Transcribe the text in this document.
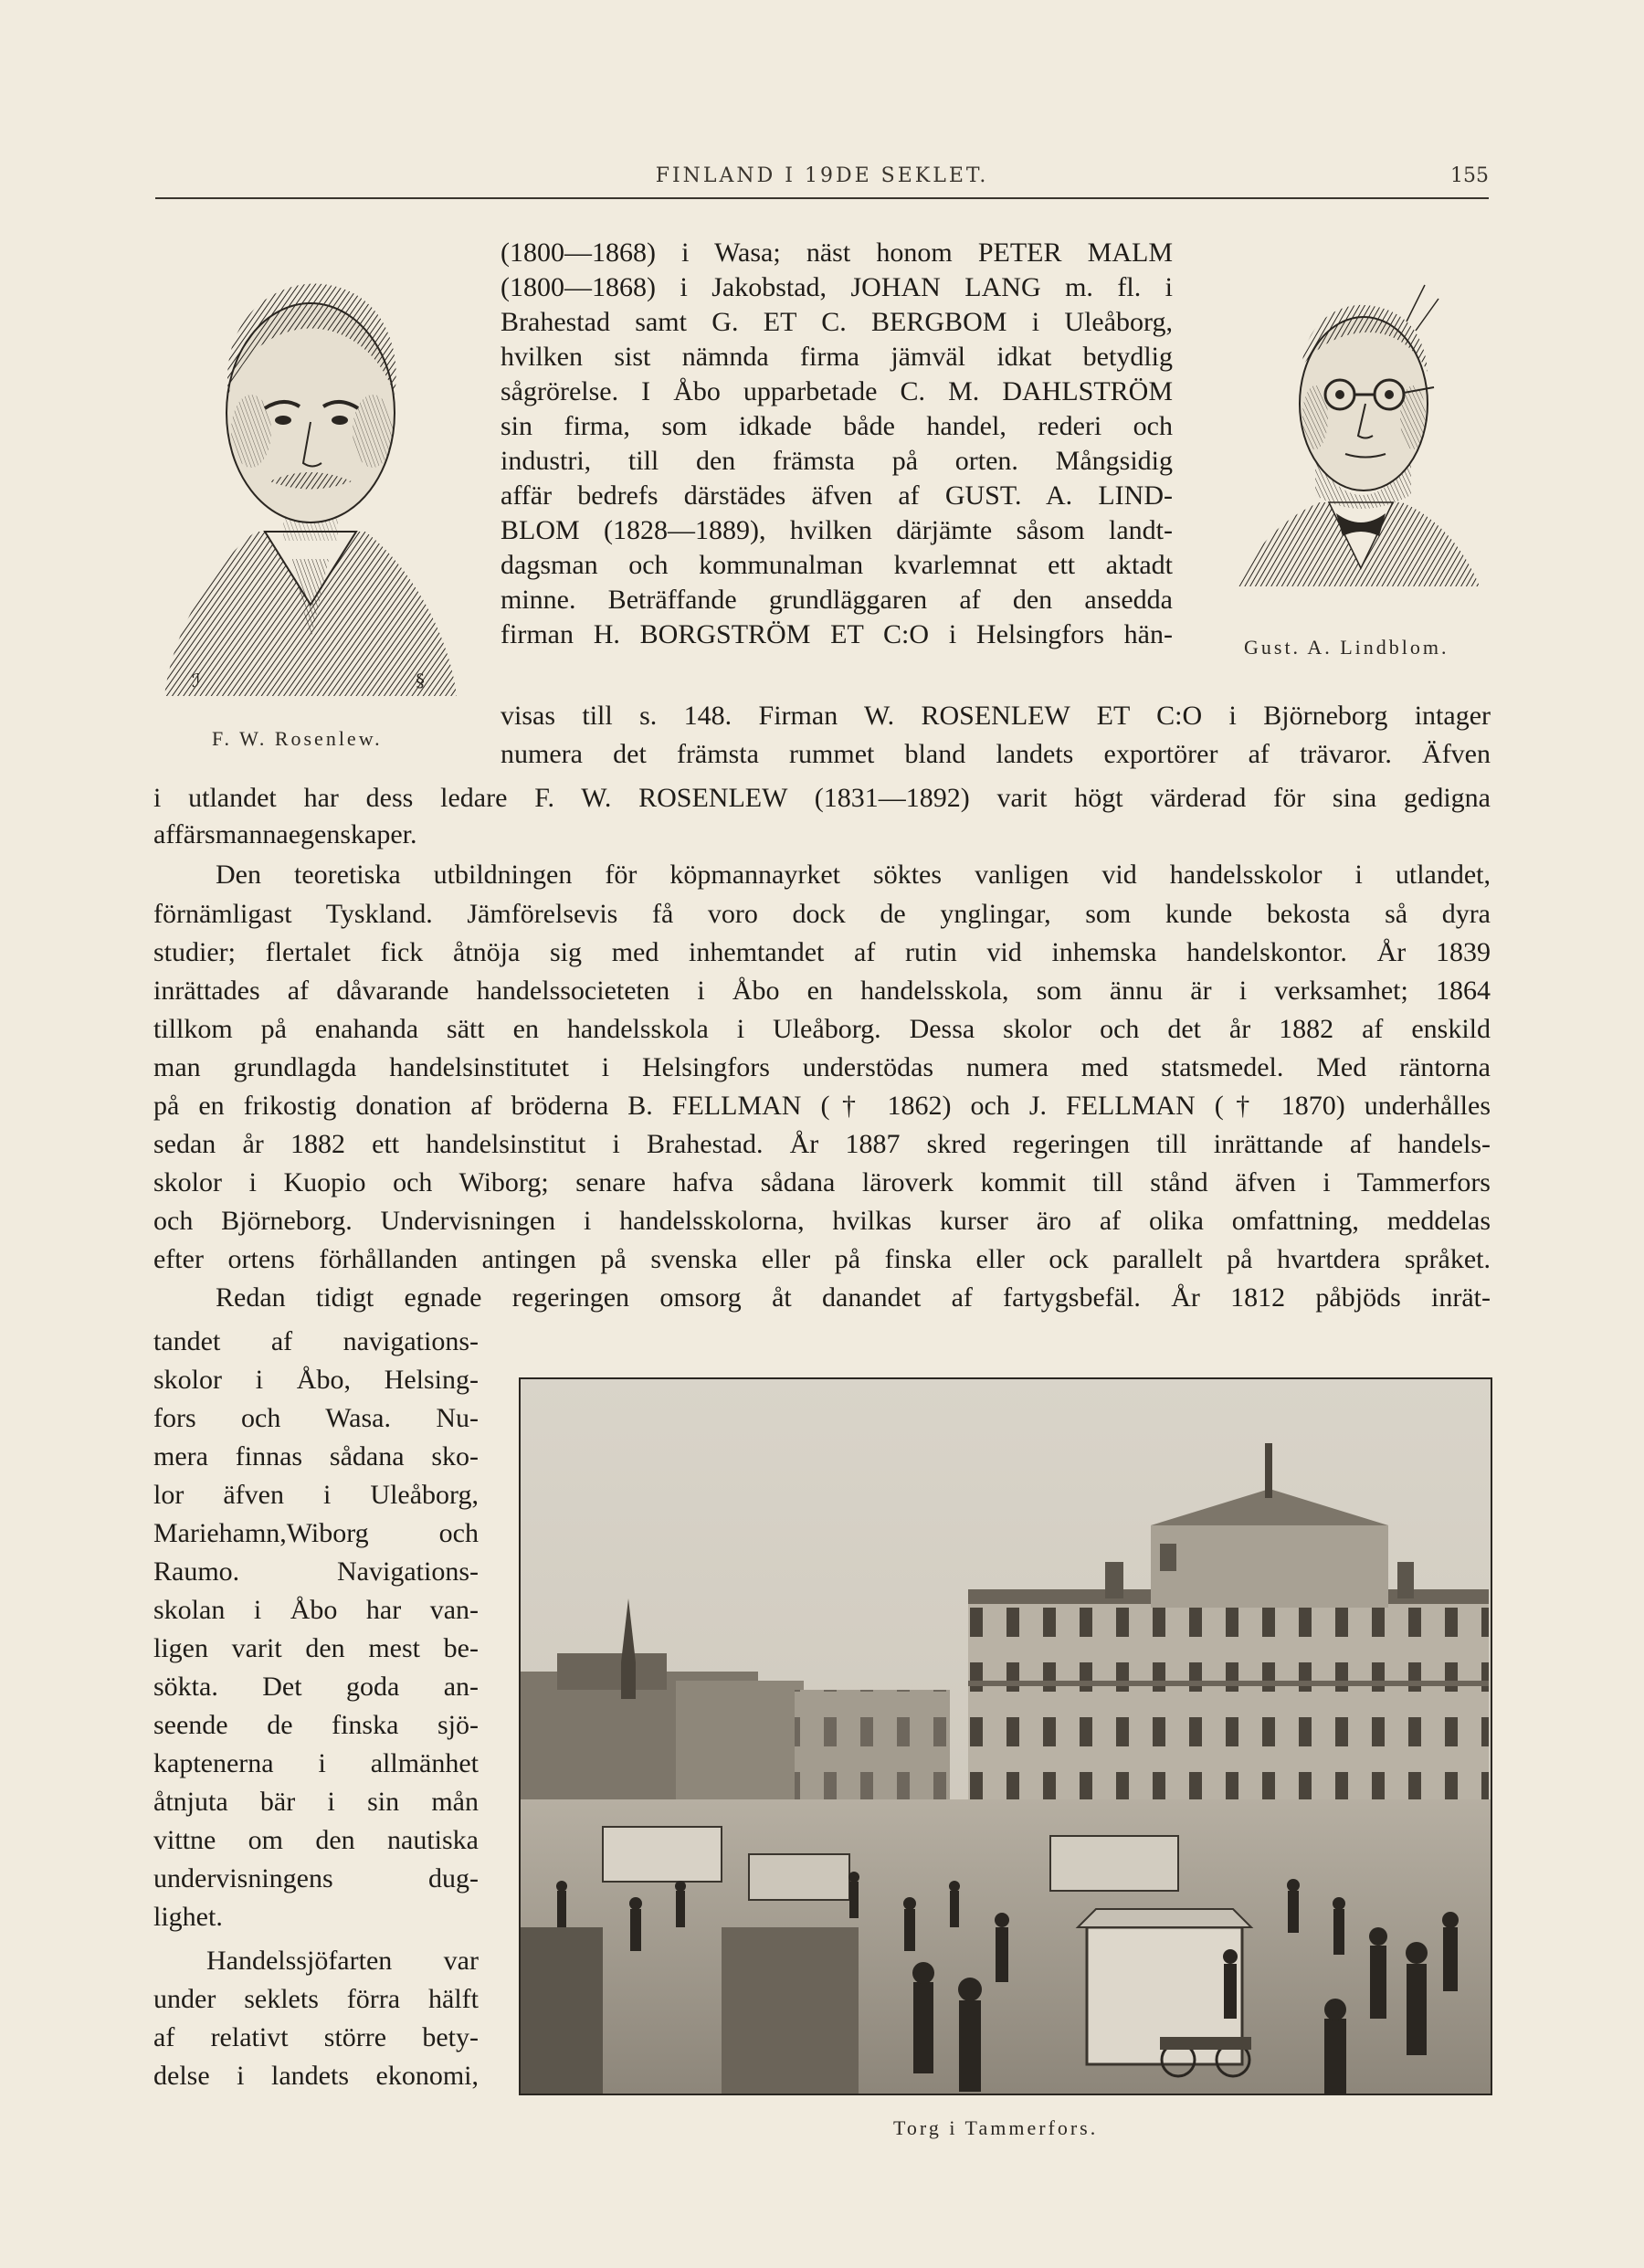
FINLAND I 19DE SEKLET.	155
ℐ	§
F. W. Rosenlew.
Gust. A. Lindblom.
(1800—1868) i Wasa; näst honom PETER MALM
(1800—1868) i Jakobstad, JOHAN LANG m. fl. i
Brahestad samt G. ET C. BERGBOM i Uleåborg,
hvilken sist nämnda firma jämväl idkat betydlig
sågrörelse. I Åbo upparbetade C. M. DAHLSTRÖM
sin firma, som idkade både handel, rederi och
industri, till den främsta på orten. Mångsidig
affär bedrefs därstädes äfven af GUST. A. LIND-
BLOM (1828—1889), hvilken därjämte såsom landt-
dagsman och kommunalman kvarlemnat ett aktadt
minne. Beträffande grundläggaren af den ansedda
firman H. BORGSTRÖM ET C:O i Helsingfors hän-
visas till s. 148. Firman W. ROSENLEW ET C:O i Björneborg intager
numera det främsta rummet bland landets exportörer af trävaror. Äfven
i utlandet har dess ledare F. W. ROSENLEW (1831—1892) varit högt värderad för sina gedigna
affärsmannaegenskaper.
Den teoretiska utbildningen för köpmannayrket söktes vanligen vid handelsskolor i utlandet,
förnämligast Tyskland. Jämförelsevis få voro dock de ynglingar, som kunde bekosta så dyra
studier; flertalet fick åtnöja sig med inhemtandet af rutin vid inhemska handelskontor. År 1839
inrättades af dåvarande handelssocieteten i Åbo en handelsskola, som ännu är i verksamhet; 1864
tillkom på enahanda sätt en handelsskola i Uleåborg. Dessa skolor och det år 1882 af enskild
man grundlagda handelsinstitutet i Helsingfors understödas numera med statsmedel. Med räntorna
på en frikostig donation af bröderna B. FELLMAN († 1862) och J. FELLMAN († 1870) underhålles
sedan år 1882 ett handelsinstitut i Brahestad. År 1887 skred regeringen till inrättande af handels-
skolor i Kuopio och Wiborg; senare hafva sådana läroverk kommit till stånd äfven i Tammerfors
och Björneborg. Undervisningen i handelsskolorna, hvilkas kurser äro af olika omfattning, meddelas
efter ortens förhållanden antingen på svenska eller på finska eller ock parallelt på hvartdera språket.
Redan tidigt egnade regeringen omsorg åt danandet af fartygsbefäl. År 1812 påbjöds inrät-
tandet af navigations-
skolor i Åbo, Helsing-
fors och Wasa. Nu-
mera finnas sådana sko-
lor äfven i Uleåborg,
Mariehamn,Wiborg och
Raumo. Navigations-
skolan i Åbo har van-
ligen varit den mest be-
sökta. Det goda an-
seende de finska sjö-
kaptenerna i allmänhet
åtnjuta bär i sin mån
vittne om den nautiska
undervisningens dug-
lighet.
Handelssjöfarten var
under seklets förra hälft
af relativt större bety-
delse i landets ekonomi,
Torg i Tammerfors.
